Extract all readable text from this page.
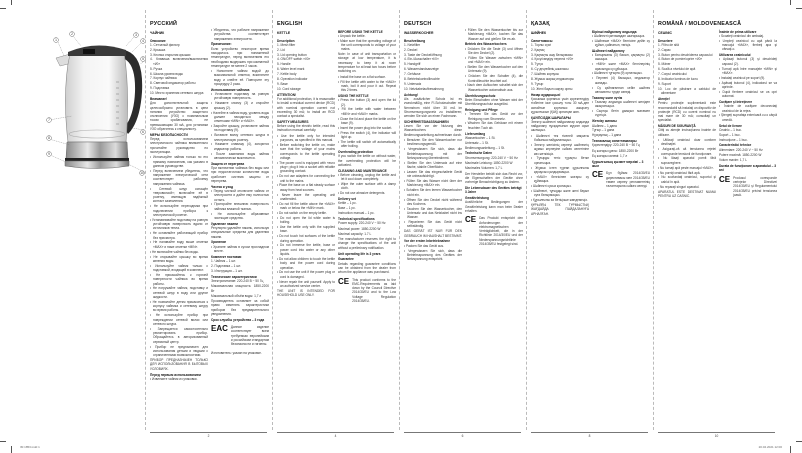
1
2	3
4
5
6
7
8
9
10
РУССКИЙ
ЧАЙНИК
Описание
1. Сетчатый фильтр
2. Крышка
3. Кнопка открытия крышки
4. Клавиша включения/выключения «I/0»
5. Ручка
6. Шкала уровня воды
7. Корпус чайника
8. Световой индикатор работы
9. Подставка
10. Место хранения сетевого шнура
Внимание!
Для дополнительной защиты целесообразно установить в цепи питания устройство защитного отключения (УЗО) с номинальным током срабатывания, не превышающим 30 мА, для установки УЗО обратитесь к специалисту.
МЕРЫ БЕЗОПАСНОСТИ
Перед использованием электрического чайника внимательно прочитайте руководство по эксплуатации.
• Используйте чайник только по его прямому назначению, как указано в данном руководстве.
• Перед включением убедитесь, что напряжение электрической сети соответствует рабочему напряжению чайника.
• Сетевой шнур оснащён «евровилкой»; включайте её в розетку, имеющую надёжный контакт заземления.
• Не используйте переходники при подключении прибора к электрической розетке.
• Устанавливайте подставку на ровную устойчивую поверхность вдали от источников тепла.
• Не оставляйте работающий прибор без присмотра.
• Не наливайте воду выше отметки «MAX» и ниже отметки «MIN».
• Не включайте чайник без воды.
• Не открывайте крышку во время кипения воды.
• Используйте чайник только с подставкой, входящей в комплект.
• Не прикасайтесь к горячей поверхности чайника во время работы.
• Не погружайте чайник, подставку и сетевой шнур в воду или другие жидкости.
• Не позволяйте детям прикасаться к корпусу чайника и сетевому шнуру во время работы.
• Не используйте прибор при повреждении сетевой вилки или сетевого шнура.
• Запрещается самостоятельно ремонтировать прибор. Обращайтесь в авторизованный сервисный центр.
• Прибор не предназначен для использования детьми и людьми с ограниченными возможностями.
ПРИБОР ПРЕДНАЗНАЧЕН ТОЛЬКО ДЛЯ ИСПОЛЬЗОВАНИЯ В БЫТОВЫХ УСЛОВИЯХ.
Перед первым использованием
• Извлеките чайник из упаковки.
• Убедитесь, что рабочее напряжение устройства соответствует напряжению электросети.
Примечание:
Если устройство некоторое время находилось при пониженной температуре, перед включением его необходимо выдержать при комнатной температуре не менее 2 часов.
• Наполните чайник водой до максимальной отметки, вскипятите воду и слейте её. Повторите эту процедуру 2 раза.
Использование чайника
• Установите подставку на ровную устойчивую поверхность.
• Нажмите кнопку (3) и откройте крышку (2).
• Налейте в чайник воду, уровень воды должен находиться между отметками «MIN» и «MAX».
• Закройте крышку, установите чайник на подставку (9).
• Вставьте вилку сетевого шнура в электрическую розетку.
• Нажмите клавишу (4), загорится индикатор работы.
• После закипания воды чайник автоматически выключится.
Защита от перегрева
При включении чайника без воды или при недостаточном количестве воды сработает система защиты от перегрева.
Чистка и уход
• Перед чисткой отключите чайник от электросети и дайте ему полностью остыть.
• Протирайте внешнюю поверхность чайника влажной тканью.
• Не используйте абразивные чистящие средства.
Удаление накипи
Регулярно удаляйте накипь, используя специальные средства для удаления накипи.
Хранение
• Храните чайник в сухом прохладном месте.
Комплект поставки
1. Чайник – 1 шт.
2. Подставка – 1 шт.
3. Инструкция – 1 шт.
Технические характеристики
Электропитание: 220-240 В ~ 50 Гц
Максимальная мощность: 1850-2200 Вт
Максимальный объём воды: 1,7 л
Производитель оставляет за собой право изменять характеристики приборов без предварительного уведомления.
Срок службы устройства – 3 года
EAC Данное изделие соответствует всем требуемым европейским и российским стандартам безопасности и гигиены.
Изготовитель: указан на упаковке.
2
ENGLISH
KETTLE
Description
1. Mesh filter
2. Lid
3. Lid opening button
4. ON/OFF switch «I/0»
5. Handle
6. Water level mark
7. Kettle body
8. Operation indicator
9. Base
10. Cord storage
ATTENTION!
For additional protection, it is reasonable to install a residual current device (RCD) with nominal operation current not exceeding 30 mA; to install an RCD contact a specialist.
SAFETY MEASURES
Before using the electric kettle, read this instruction manual carefully.
• Use the kettle only for intended purposes, as specified in this manual.
• Before switching the kettle on, make sure that the voltage of your mains corresponds to the kettle operating voltage.
• The power cord is equipped with «euro plug»; plug it into a socket with reliable grounding contact.
• Do not use adapters for connecting the unit to the mains.
• Place the base on a flat steady surface away from heat sources.
• Never leave the operating unit unattended.
• Do not fill the kettle above the «MAX» mark or below the «MIN» mark.
• Do not switch on the empty kettle.
• Do not open the lid while water is boiling.
• Use the kettle only with the supplied base.
• Do not touch hot surfaces of the kettle during operation.
• Do not immerse the kettle, base or power cord into water or any other liquids.
• Do not allow children to touch the kettle body and the power cord during operation.
• Do not use the unit if the power plug or cord is damaged.
• Never repair the unit yourself. Apply to an authorized service center.
THE UNIT IS INTENDED FOR HOUSEHOLD USE ONLY.
BEFORE USING THE KETTLE
• Unpack the kettle.
• Make sure that the operating voltage of the unit corresponds to voltage of your mains.
Note: In case of unit transportation or storage at low temperature, it is necessary to keep it at room temperature for at least two hours before switching on.
• Install the base on a flat surface.
• Fill the kettle with water to the «MAX» mark, boil it and pour it out. Repeat this 2 times.
USING THE KETTLE
• Press the button (3) and open the lid (2).
• Fill the kettle with water between «MIN» and «MAX» marks.
• Close the lid and place the kettle on the base (9).
• Insert the power plug into the socket.
• Press the switch (4), the indicator will light up.
• The kettle will switch off automatically after boiling.
Overheating protection
If you switch the kettle on without water, the overheating protection will be activated.
CLEANING AND MAINTENANCE
• Before cleaning, unplug the kettle and let it cool down completely.
• Wipe the outer surface with a damp cloth.
• Do not use abrasive detergents.
Delivery set
Kettle – 1 pc.
Base – 1 pc.
Instruction manual – 1 pc.
Technical specifications
Power supply: 220-240 V ~ 50 Hz
Maximal power: 1850-2200 W
Maximal capacity: 1.7 L
The manufacturer reserves the right to change the specifications of the unit without a preliminary notification.
Unit operating life is 3 years
Guarantee
Details regarding guarantee conditions can be obtained from the dealer from whom the appliance was purchased.
CE This product conforms to the EMC-Requirements as laid down by the Council Directive 2014/30/EU and to the Low Voltage Regulation 2014/35/EU.
4
DEUTSCH
WASSERKOCHER
Beschreibung
1. Netzfilter
2. Deckel
3. Taste der Deckelöffnung
4. Ein-/Ausschalter «I/0»
5. Handgriff
6. Wasserstandsanzeige
7. Gehäuse
8. Betriebskontrollleuchte
9. Untersatz
10. Netzkabelaufbewahrung
Achtung!
Als zusätzlicher Schutz ist es zweckmäßig, eine FI-Schutzschalter mit Nennstrom nicht über 30 mA im Stromversorgungsnetz zu installieren; wenden Sie sich an einen Fachmann.
SICHERHEITSMASSNAHMEN
Lesen Sie vor der Nutzung des Wasserkochers diese Bedienungsanleitung aufmerksam durch.
• Benutzen Sie den Wasserkocher nur bestimmungsgemäß.
• Vergewissern Sie sich, dass die Betriebsspannung mit der Netzspannung übereinstimmt.
• Stellen Sie den Untersatz auf eine flache, stabile Oberfläche.
• Lassen Sie das eingeschaltete Gerät nie unbeaufsichtigt.
• Füllen Sie das Wasser nicht über der Markierung «MAX» ein.
• Schalten Sie den leeren Wasserkocher nicht ein.
• Öffnen Sie den Deckel nicht während des Kochens.
• Tauchen Sie den Wasserkocher, den Untersatz und das Netzkabel nicht ins Wasser.
• Reparieren Sie das Gerät nicht selbständig.
DAS GERÄT IST NUR FÜR DEN GEBRAUCH IM HAUSHALT BESTIMMT.
Vor der ersten Inbetriebnahme
• Packen Sie das Gerät aus.
• Vergewissern Sie sich, dass die Betriebsspannung des Gerätes der Netzspannung entspricht.
• Füllen Sie den Wasserkocher bis zur Markierung «MAX», kochen Sie das Wasser auf und gießen Sie es ab.
Betrieb des Wasserkochers
• Drücken Sie die Taste (3) und öffnen Sie den Deckel (2).
• Füllen Sie Wasser zwischen «MIN» und «MAX» ein.
• Stellen Sie den Wasserkocher auf den Untersatz (9).
• Drücken Sie den Schalter (4), die Kontrollleuchte leuchtet auf.
• Nach dem Aufkochen schaltet sich der Wasserkocher automatisch aus.
Überhitzungsschutz
Beim Einschalten ohne Wasser wird der Überhitzungsschutz ausgelöst.
Reinigung und Pflege
• Trennen Sie das Gerät vor der Reinigung vom Stromnetz.
• Wischen Sie das Gehäuse mit einem feuchten Tuch ab.
Lieferumfang
Wasserkocher – 1 St.
Untersatz – 1 St.
Bedienungsanleitung – 1 St.
Technische Daten
Stromversorgung: 220-240 V ~ 50 Hz
Maximale Leistung: 1850-2200 W
Maximales Volumen: 1,7 L
Der Hersteller behält sich das Recht vor, die Eigenschaften der Geräte ohne vorherige Benachrichtigung zu ändern.
Die Lebensdauer des Gerätes beträgt 3 Jahre
Gewährleistung
Ausführliche Bedingungen der Gewährleistung kann man beim Dealer erhalten.
CE Das Produkt entspricht den Anforderungen der elektromagnetischen Verträglichkeit, die in der Richtlinie 2014/30/EU und der Niederspannungsrichtlinie 2014/35/EU festgelegt sind.
6
ҚАЗАҚ
ШӘЙНЕК
Сипаттамасы
1. Торлы сүзгі
2. Қақпақ
3. Қақпақты ашу батырмасы
4. Қосу/сөндіру пернесі «I/0»
5. Тұтқа
6. Су деңгейінің шкаласы
7. Шәйнек корпусы
8. Жұмыс жарық индикаторы
9. Тұғыр
10. Желі бауын сақтау орны
Назар аударыңыз!
Қосымша қорғаныс үшін қоректендіру тізбегіне іске қосылу тогы 30 мА-ден аспайтын қорғаныс ажырату құрылғысын (ҚАҚ) орнатқан жөн.
ҚАУІПСІЗДІК ШАРАЛАРЫ
Электр шәйнекті пайдаланар алдында пайдалану нұсқаулығын мұқият оқып шығыңыз.
• Шәйнекті тек тікелей мақсаты бойынша пайдаланыңыз.
• Электр желісінің кернеуі шәйнектің жұмыс кернеуіне сәйкес келетініне көз жеткізіңіз.
• Тұғырды тегіс тұрақты бетке орнатыңыз.
• Жұмыс істеп тұрған құрылғыны қараусыз қалдырмаңыз.
• «MAX» белгісінен жоғары су құймаңыз.
• Шәйнекті сусыз қоспаңыз.
• Шәйнекті, тұғырды және желі бауын суға батырмаңыз.
• Құрылғыны өз бетіңізше жөндемеңіз.
ҚҰРЫЛҒЫ ТЕК ТҰРМЫСТЫҚ ЖАҒДАЙДА ПАЙДАЛАНУҒА АРНАЛҒАН.
Бірінші пайдалану алдында
• Шәйнекті қаптамадан шығарыңыз.
• Шәйнекке «MAX» белгісіне дейін су құйып, қайнатып, төгіңіз.
Шәйнекті пайдалану
• Батырманы (3) басып, қақпақты (2) ашыңыз.
• «MIN» және «MAX» белгілерінің арасында су құйыңыз.
• Шәйнекті тұғырға (9) орнатыңыз.
• Пернені (4) басыңыз, индикатор жанады.
• Су қайнағаннан кейін шәйнек автоматты түрде сөнеді.
Тазалау және күтім
• Тазалау алдында шәйнекті желіден ажыратыңыз.
• Сыртқы бетін дымқыл матамен сүртіңіз.
Жеткізу жинағы
Шәйнек – 1 дана
Тұғыр – 1 дана
Нұсқаулық – 1 дана
Техникалық сипаттамалары
Қоректендіру: 220-240 В ~ 50 Гц
Ең жоғары қуаты: 1850-2200 Вт
Ең жоғары көлемі: 1,7 л
Құрылғының қызмет мерзімі – 3 жыл
CE Бұл бұйым 2014/30/EU директивасы мен 2014/35/EU төмен кернеу регламентінің талаптарына сәйкес келеді.
8
ROMÂNĂ / MOLDOVENEASCĂ
CEAINIC
Descriere
1. Filtru de sită
2. Capac
3. Buton pentru deschiderea capacului
4. Buton de pornire/oprire «I/0»
5. Mâner
6. Scală a nivelului de apă
7. Corpul ceainicului
8. Indicator luminos de lucru
9. Suport
10. Loc de păstrare a cablului de alimentare
Atenţie!
Pentru protecţie suplimentară este recomandabil să instalaţi un dispozitiv de protecţie (RCD) cu curent nominal nu mai mare de 30 mA; consultaţi un specialist.
MĂSURI DE SIGURANŢĂ
Citiţi cu atenţie instrucţiunea înainte de utilizare.
• Utilizaţi ceainicul doar conform destinaţiei.
• Asiguraţi-vă că tensiunea reţelei corespunde tensiunii de funcţionare.
• Nu lăsaţi aparatul pornit fără supraveghere.
• Nu turnaţi apă peste marcajul «MAX».
• Nu porniţi ceainicul fără apă.
• Nu scufundaţi ceainicul, suportul şi cablul în apă.
• Nu reparaţi singuri aparatul.
APARATUL ESTE DESTINAT NUMAI PENTRU UZ CASNIC.
Înainte de prima utilizare
• Scoateţi ceainicul din ambalaj.
• Umpleţi ceainicul cu apă până la marcajul «MAX», fierbeţi apa şi vărsaţi-o.
Utilizarea ceainicului
• Apăsaţi butonul (3) şi deschideţi capacul (2).
• Turnaţi apă între marcajele «MIN» şi «MAX».
• Instalaţi ceainicul pe suport (9).
• Apăsaţi butonul (4), indicatorul se va aprinde.
• După fierbere ceainicul se va opri automat.
Curăţare şi întreţinere
• Înainte de curăţare deconectaţi ceainicul de la reţea.
• Ştergeţi suprafaţa exterioară cu o cârpă umedă.
Setul de livrare
Ceainic – 1 buc.
Suport – 1 buc.
Instrucţiune – 1 buc.
Caracteristici tehnice
Alimentare: 220-240 V ~ 50 Hz
Putere maximă: 1850-2200 W
Volum maxim: 1,7 L
Durata de funcţionare a aparatului – 3 ani
CE Produsul corespunde cerinţelor Directivei 2014/30/EU şi Regulamentului 2014/35/EU privind tensiunea joasă.
10
IM 1853.indd 1	20.02.2021 12:00
